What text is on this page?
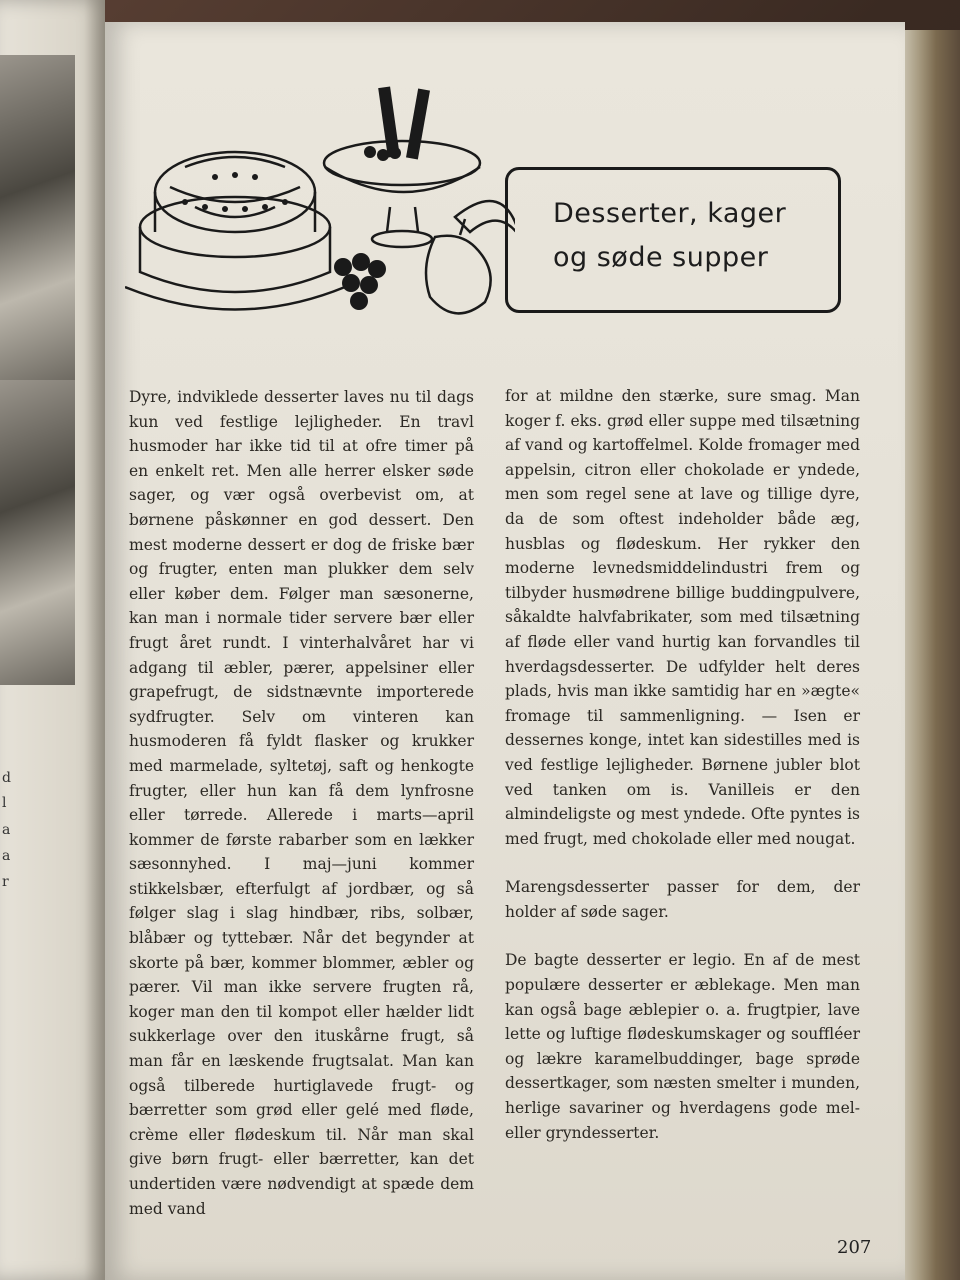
d
l
a
a
r
Desserter, kager
og søde supper

Dyre, indviklede desserter laves nu til dags kun ved festlige lejligheder. En travl husmoder har ikke tid til at ofre timer på en enkelt ret. Men alle herrer elsker søde sager, og vær også overbevist om, at børnene påskønner en god dessert. Den mest moderne dessert er dog de friske bær og frugter, enten man plukker dem selv eller køber dem. Følger man sæsonerne, kan man i normale tider servere bær eller frugt året rundt. I vinterhalvåret har vi adgang til æbler, pærer, appelsiner eller grapefrugt, de sidstnævnte importerede sydfrugter. Selv om vinteren kan husmoderen få fyldt flasker og krukker med marmelade, syltetøj, saft og henkogte frugter, eller hun kan få dem lynfrosne eller tørrede. Allerede i marts—april kommer de første rabarber som en lækker sæsonnyhed. I maj—juni kommer stikkelsbær, efterfulgt af jordbær, og så følger slag i slag hindbær, ribs, solbær, blåbær og tyttebær. Når det begynder at skorte på bær, kommer blommer, æbler og pærer. Vil man ikke servere frugten rå, koger man den til kompot eller hælder lidt sukkerlage over den ituskårne frugt, så man får en læskende frugtsalat. Man kan også tilberede hurtiglavede frugt- og bærretter som grød eller gelé med fløde, crème eller flødeskum til. Når man skal give børn frugt- eller bærretter, kan det undertiden være nødvendigt at spæde dem med vand

for at mildne den stærke, sure smag. Man koger f. eks. grød eller suppe med tilsætning af vand og kartoffelmel. Kolde fromager med appelsin, citron eller chokolade er yndede, men som regel sene at lave og tillige dyre, da de som oftest indeholder både æg, husblas og flødeskum. Her rykker den moderne levnedsmiddelindustri frem og tilbyder husmødrene billige buddingpulvere, såkaldte halvfabrikater, som med tilsætning af fløde eller vand hurtig kan forvandles til hverdagsdesserter. De udfylder helt deres plads, hvis man ikke samtidig har en »ægte« fromage til sammenligning. — Isen er dessernes konge, intet kan sidestilles med is ved festlige lejligheder. Børnene jubler blot ved tanken om is. Vanilleis er den almindeligste og mest yndede. Ofte pyntes is med frugt, med chokolade eller med nougat.

Marengsdesserter passer for dem, der holder af søde sager.

De bagte desserter er legio. En af de mest populære desserter er æblekage. Men man kan også bage æblepier o. a. frugtpier, lave lette og luftige flødeskumskager og souffléer og lækre karamelbuddinger, bage sprøde dessertkager, som næsten smelter i munden, herlige savariner og hverdagens gode mel- eller gryndesserter.

207
